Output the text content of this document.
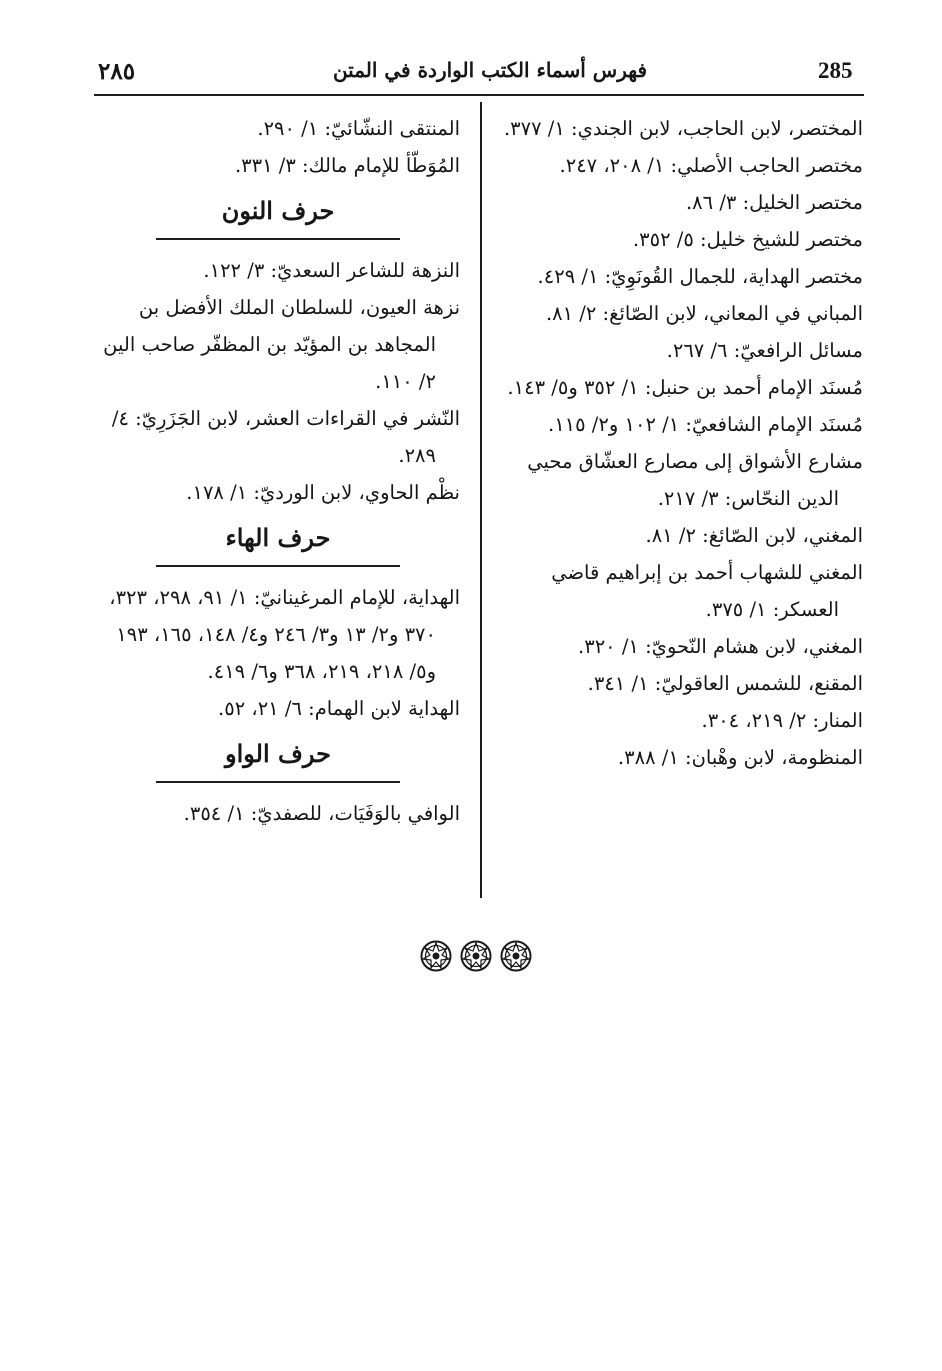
٢٨٥	فهرس أسماء الكتب الواردة في المتن	285
المختصر، لابن الحاجب، لابن الجندي: ١/ ٣٧٧.
مختصر الحاجب الأصلي: ١/ ٢٠٨، ٢٤٧.
مختصر الخليل: ٣/ ٨٦.
مختصر للشيخ خليل: ٥/ ٣٥٢.
مختصر الهداية، للجمال القُونَوِيّ: ١/ ٤٢٩.
المباني في المعاني، لابن الصّائغ: ٢/ ٨١.
مسائل الرافعيّ: ٦/ ٢٦٧.
مُسنَد الإمام أحمد بن حنبل: ١/ ٣٥٢ و٥/ ١٤٣.
مُسنَد الإمام الشافعيّ: ١/ ١٠٢ و٢/ ١١٥.
مشارع الأشواق إلى مصارع العشّاق محيي الدين النحّاس: ٣/ ٢١٧.
المغني، لابن الصّائغ: ٢/ ٨١.
المغني للشهاب أحمد بن إبراهيم قاضي العسكر: ١/ ٣٧٥.
المغني، لابن هشام النّحويّ: ١/ ٣٢٠.
المقنع، للشمس العاقوليّ: ١/ ٣٤١.
المنار: ٢/ ٢١٩، ٣٠٤.
المنظومة، لابن وهْبان: ١/ ٣٨٨.
المنتقى النشّائيّ: ١/ ٢٩٠.
المُوَطّأ للإمام مالك: ٣/ ٣٣١.
حرف النون
النزهة للشاعر السعديّ: ٣/ ١٢٢.
نزهة العيون، للسلطان الملك الأفضل بن المجاهد بن المؤيّد بن المظفّر صاحب الين ٢/ ١١٠.
النّشر في القراءات العشر، لابن الجَزَرِيّ: ٤/ ٢٨٩.
نظْم الحاوي، لابن الورديّ: ١/ ١٧٨.
حرف الهاء
الهداية، للإمام المرغينانيّ: ١/ ٩١، ٢٩٨، ٣٢٣، ٣٧٠ و٢/ ١٣ و٣/ ٢٤٦ و٤/ ١٤٨، ١٦٥، ١٩٣ و٥/ ٢١٨، ٢١٩، ٣٦٨ و٦/ ٤١٩.
الهداية لابن الهمام: ٦/ ٢١، ٥٢.
حرف الواو
الوافي بالوَفَيَات، للصفديّ: ١/ ٣٥٤.
